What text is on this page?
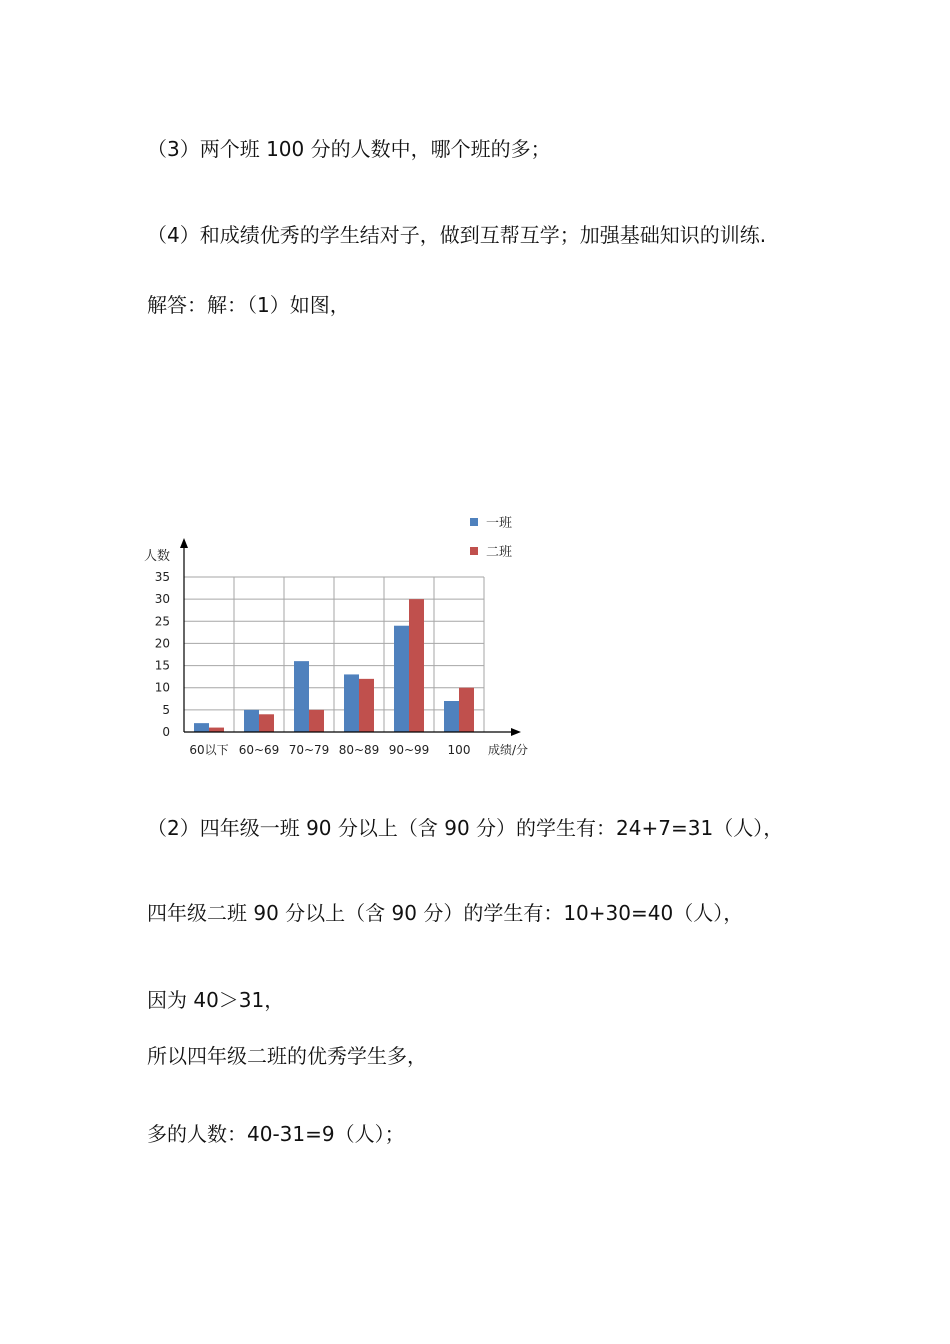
（3）两个班 100 分的人数中，哪个班的多；
（4）和成绩优秀的学生结对子，做到互帮互学；加强基础知识的训练.
解答：解：（1）如图，
0
5
10
15
20
25
30
35
60以下 60~69 70~79 80~89 90~99 100
人数
成绩/分
一班
二班
（2）四年级一班 90 分以上（含 90 分）的学生有：24+7=31（人），
四年级二班 90 分以上（含 90 分）的学生有：10+30=40（人），
因为 40＞31，
所以四年级二班的优秀学生多，
多的人数：40-31=9（人）；
